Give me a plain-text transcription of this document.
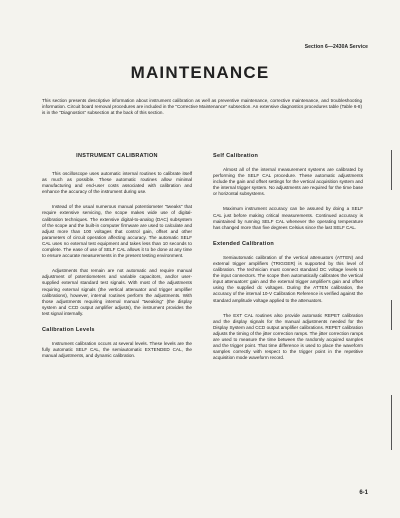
Section 6—2430A Service
MAINTENANCE
This section presents descriptive information about instrument calibration as well as preventive maintenance, corrective maintenance, and troubleshooting information. Circuit board removal procedures are included in the "Corrective Maintenance" subsection. An extensive diagnostics procedures table (Table 6-8) is in the "Diagnostics" subsection at the back of this section.
INSTRUMENT CALIBRATION

This oscilloscope uses automatic internal routines to calibrate itself as much as possible. These automatic routines allow minimal manufacturing and end-user costs associated with calibration and enhance the accuracy of the instrument during use.

Instead of the usual numerous manual potentiometer "tweaks" that require extensive servicing, the scope makes wide use of digital-calibration techniques. The extensive digital-to-analog (DAC) subsystem of the scope and the built-in computer firmware are used to calculate and adjust more than 100 voltages that control gain, offset and other parameters of circuit operation affecting accuracy. The automatic SELF CAL uses no external test equipment and takes less than 10 seconds to complete. The ease of use of SELF CAL allows it to be done at any time to ensure accurate measurements in the present testing environment.

Adjustments that remain are not automatic and require manual adjustment of potentiometers and variable capacitors, and/or user-supplied external standard test signals. With most of the adjustments requiring external signals (the vertical attenuator and trigger amplifier calibrations), however, internal routines perform the adjustments. With those adjustments requiring internal manual "tweaking" (the display system and CCD output amplifier adjusts), the instrument provides the test signal internally.

Calibration Levels

Instrument calibration occurs at several levels. These levels are the fully automatic SELF CAL, the semiautomatic EXTENDED CAL, the manual adjustments, and dynamic calibration.

Self Calibration

Almost all of the internal measurement systems are calibrated by performing the SELF CAL procedure. These automatic adjustments include the gain and offset settings for the vertical acquisition system and the internal trigger system. No adjustments are required for the time base or horizontal subsystems.

Maximum instrument accuracy can be assured by doing a SELF CAL just before making critical measurements. Continued accuracy is maintained by running SELF CAL whenever the operating temperature has changed more than five degrees Celsius since the last SELF CAL.

Extended Calibration

Semiautomatic calibration of the vertical attenuators (ATTEN) and external trigger amplifiers (TRIGGER) is supported by this level of calibration. The technician must connect standard DC voltage levels to the input connectors. The scope then automatically calibrates the vertical input attenuators' gain and the external trigger amplifier's gain and offset using the supplied dc voltages. During the ATTEN calibration, the accuracy of the internal 10-V Calibration Reference is verified against the standard amplitude voltage applied to the attenuators.

The EXT CAL routines also provide automatic REPET calibration and the display signals for the manual adjustments needed for the Display System and CCD output amplifier calibrations. REPET calibration adjusts the timing of the jitter correction ramps. The jitter correction ramps are used to measure the time between the randomly acquired samples and the trigger point. That time difference is used to place the waveform samples correctly with respect to the trigger point in the repetitive acquisition mode waveform record.

6-1
